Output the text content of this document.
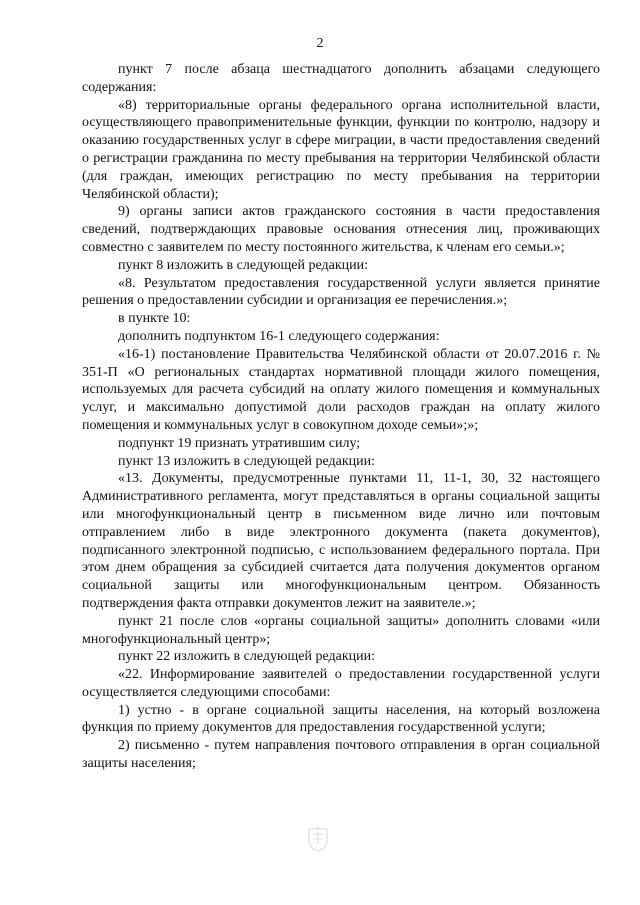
2

пункт 7 после абзаца шестнадцатого дополнить абзацами следующего содержания:

«8) территориальные органы федерального органа исполнительной власти, осуществляющего правоприменительные функции, функции по контролю, надзору и оказанию государственных услуг в сфере миграции, в части предоставления сведений о регистрации гражданина по месту пребывания на территории Челябинской области (для граждан, имеющих регистрацию по месту пребывания на территории Челябинской области);

9) органы записи актов гражданского состояния в части предоставления сведений, подтверждающих правовые основания отнесения лиц, проживающих совместно с заявителем по месту постоянного жительства, к членам его семьи.»;

пункт 8 изложить в следующей редакции:

«8. Результатом предоставления государственной услуги является принятие решения о предоставлении субсидии и организация ее перечисления.»;

в пункте 10:

дополнить подпунктом 16-1 следующего содержания:

«16-1) постановление Правительства Челябинской области от 20.07.2016 г. № 351-П «О региональных стандартах нормативной площади жилого помещения, используемых для расчета субсидий на оплату жилого помещения и коммунальных услуг, и максимально допустимой доли расходов граждан на оплату жилого помещения и коммунальных услуг в совокупном доходе семьи»;»;

подпункт 19 признать утратившим силу;

пункт 13 изложить в следующей редакции:

«13. Документы, предусмотренные пунктами 11, 11-1, 30, 32 настоящего Административного регламента, могут представляться в органы социальной защиты или многофункциональный центр в письменном виде лично или почтовым отправлением либо в виде электронного документа (пакета документов), подписанного электронной подписью, с использованием федерального портала. При этом днем обращения за субсидией считается дата получения документов органом социальной защиты или многофункциональным центром. Обязанность подтверждения факта отправки документов лежит на заявителе.»;

пункт 21 после слов «органы социальной защиты» дополнить словами «или многофункциональный центр»;

пункт 22 изложить в следующей редакции:

«22. Информирование заявителей о предоставлении государственной услуги осуществляется следующими способами:

1) устно - в органе социальной защиты населения, на который возложена функция по приему документов для предоставления государственной услуги;

2) письменно - путем направления почтового отправления в орган социальной защиты населения;
